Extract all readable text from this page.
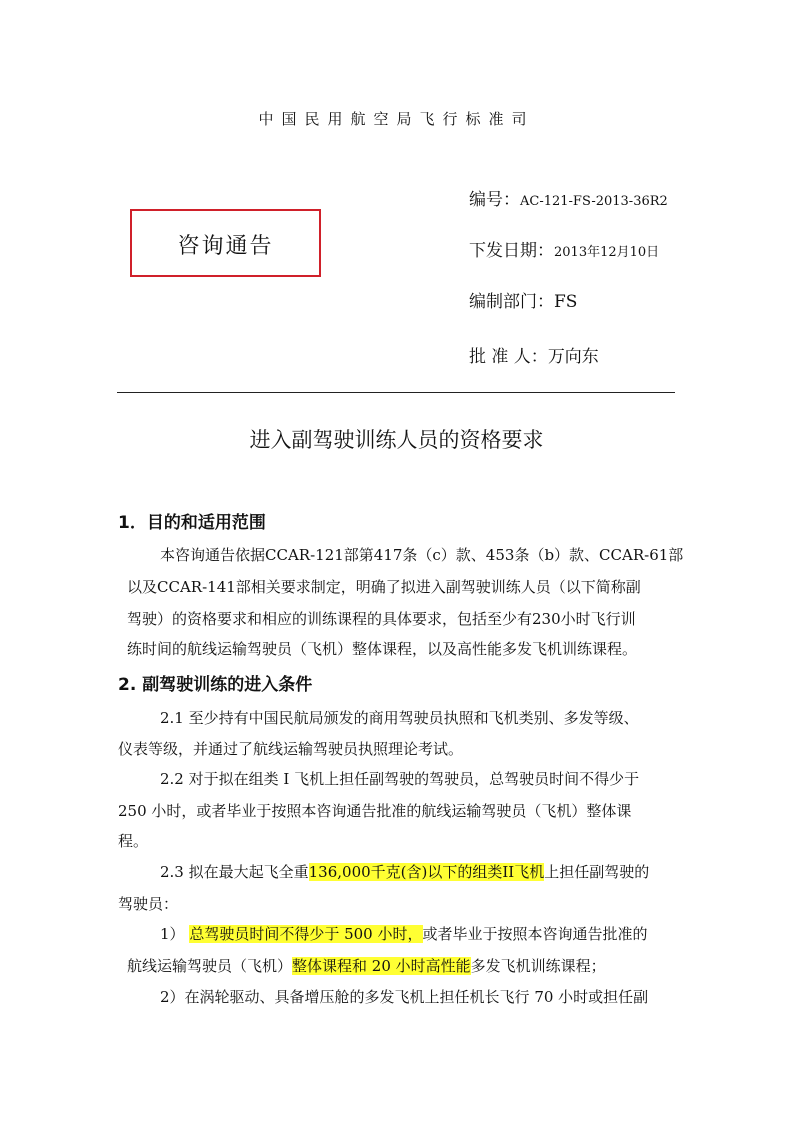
中国民用航空局飞行标准司
咨询通告
编号：AC-121-FS-2013-36R2
下发日期：2013年12月10日
编制部门：FS
批 准 人：万向东
进入副驾驶训练人员的资格要求
1．目的和适用范围
本咨询通告依据CCAR-121部第417条（c）款、453条（b）款、CCAR-61部
以及CCAR-141部相关要求制定，明确了拟进入副驾驶训练人员（以下简称副
驾驶）的资格要求和相应的训练课程的具体要求，包括至少有230小时飞行训
练时间的航线运输驾驶员（飞机）整体课程，以及高性能多发飞机训练课程。
2. 副驾驶训练的进入条件
2.1 至少持有中国民航局颁发的商用驾驶员执照和飞机类别、多发等级、
仪表等级，并通过了航线运输驾驶员执照理论考试。
2.2 对于拟在组类 I 飞机上担任副驾驶的驾驶员，总驾驶员时间不得少于
250 小时，或者毕业于按照本咨询通告批准的航线运输驾驶员（飞机）整体课
程。
2.3 拟在最大起飞全重136,000千克(含)以下的组类II飞机上担任副驾驶的
驾驶员：
1） 总驾驶员时间不得少于 500 小时，或者毕业于按照本咨询通告批准的
航线运输驾驶员（飞机）整体课程和 20 小时高性能多发飞机训练课程；
2）在涡轮驱动、具备增压舱的多发飞机上担任机长飞行 70 小时或担任副
